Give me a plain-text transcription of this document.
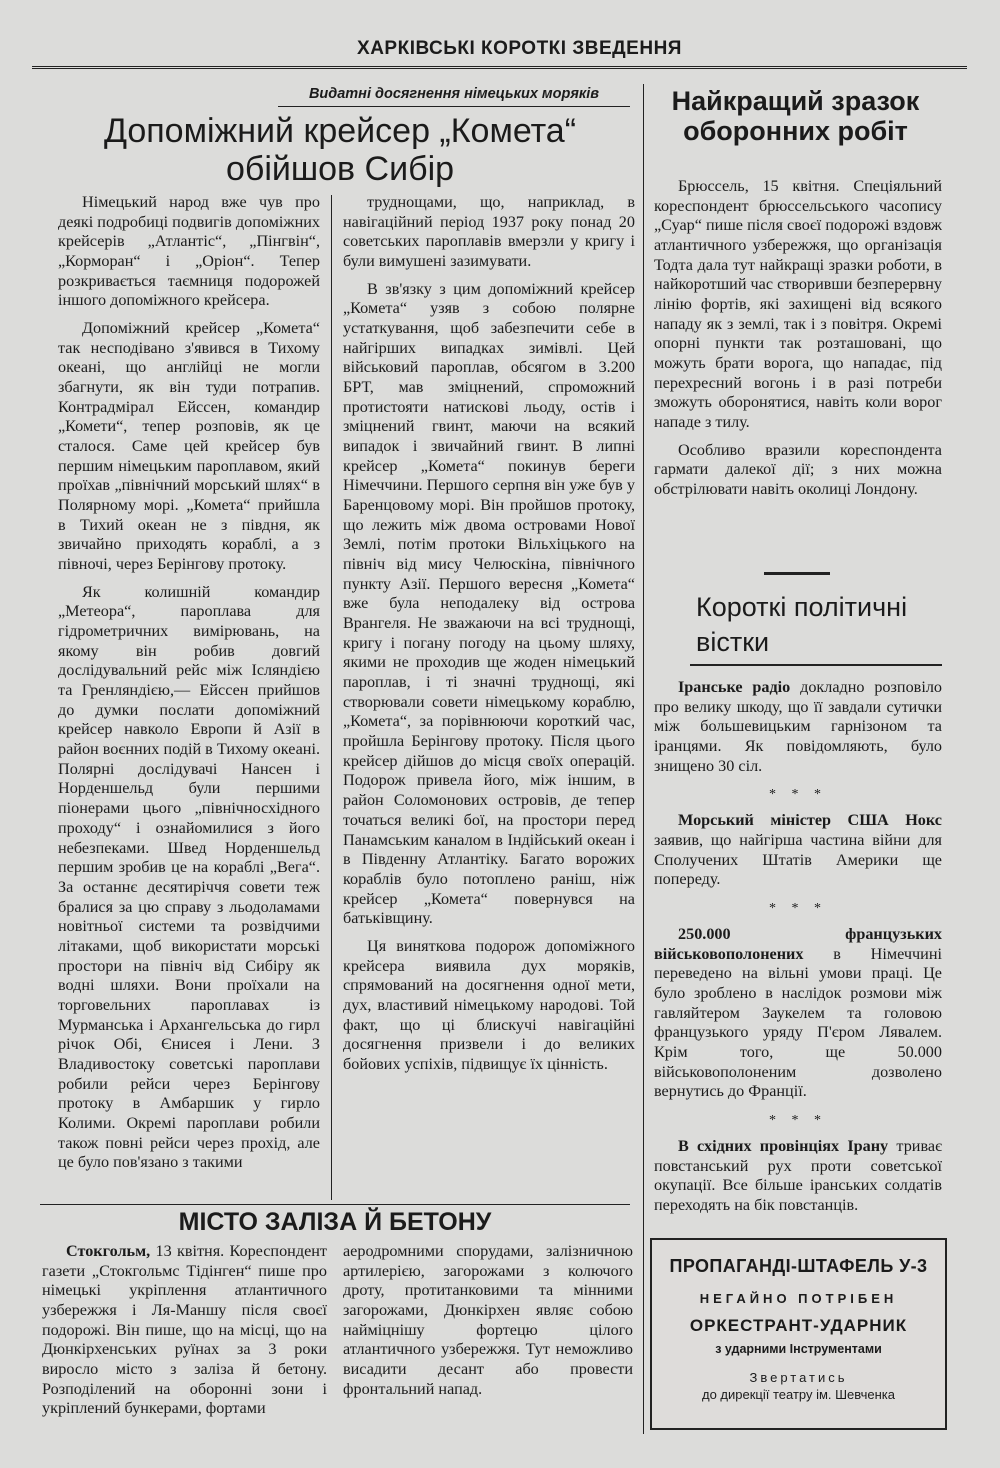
ХАРКІВСЬКІ КОРОТКІ ЗВЕДЕННЯ
Видатні досягнення німецьких моряків
Допоміжний крейсер „Комета“
обійшов Сибір

Німецький народ вже чув про деякі подробиці подвигів допоміжних крейсерів „Атлантіс“, „Пінгвін“, „Корморан“ і „Оріон“. Тепер розкривається таємниця подорожей іншого допоміжного крейсера.

Допоміжний крейсер „Комета“ так несподівано з'явився в Тихому океані, що англійці не могли збагнути, як він туди потрапив. Контрадмірал Ейссен, командир „Комети“, тепер розповів, як це сталося. Саме цей крейсер був першим німецьким пароплавом, який проїхав „північний морський шлях“ в Полярному морі. „Комета“ прийшла в Тихий океан не з півдня, як звичайно приходять кораблі, а з півночі, через Берінгову протоку.

Як колишній командир „Метеора“, пароплава для гідрометричних вимірювань, на якому він робив довгий дослідувальний рейс між Ісляндією та Гренляндією,— Ейссен прийшов до думки послати допоміжний крейсер навколо Европи й Азії в район воєнних подій в Тихому океані. Полярні дослідувачі Нансен і Норденшельд були першими піонерами цього „північносхідного проходу“ і ознайомилися з його небезпеками. Швед Норденшельд першим зробив це на кораблі „Вега“. За останнє десятиріччя совети теж бралися за цю справу з льодоламами новітньої системи та розвідчими літаками, щоб використати морські простори на північ від Сибіру як водні шляхи. Вони проїхали на торговельних пароплавах із Мурманська і Архангельська до гирл річок Обі, Єнисея і Лени. З Владивостоку советські пароплави робили рейси через Берінгову протоку в Амбаршик у гирло Колими. Окремі пароплави робили також повні рейси через прохід, але це було пов'язано з такими

труднощами, що, наприклад, в навігаційний період 1937 року понад 20 советських пароплавів вмерзли у кригу і були вимушені зазимувати.

В зв'язку з цим допоміжний крейсер „Комета“ узяв з собою полярне устаткування, щоб забезпечити себе в найгірших випадках зимівлі. Цей військовий пароплав, обсягом в 3.200 БРТ, мав зміцнений, спроможний протистояти натискові льоду, остів і зміцнений гвинт, маючи на всякий випадок і звичайний гвинт. В липні крейсер „Комета“ покинув береги Німеччини. Першого серпня він уже був у Баренцовому морі. Він пройшов протоку, що лежить між двома островами Нової Землі, потім протоки Вільхіцького на північ від мису Челюскіна, північного пункту Азії. Першого вересня „Комета“ вже була неподалеку від острова Врангеля. Не зважаючи на всі труднощі, кригу і погану погоду на цьому шляху, якими не проходив ще жоден німецький пароплав, і ті значні труднощі, які створювали совети німецькому кораблю, „Комета“, за порівнюючи короткий час, пройшла Берінгову протоку. Після цього крейсер дійшов до місця своїх операцій. Подорож привела його, між іншим, в район Соломонових островів, де тепер точаться великі бої, на простори перед Панамським каналом в Індійський океан і в Південну Атлантіку. Багато ворожих кораблів було потоплено раніш, ніж крейсер „Комета“ повернувся на батьківщину.

Ця виняткова подорож допоміжного крейсера виявила дух моряків, спрямований на досягнення одної мети, дух, властивий німецькому народові. Той факт, що ці блискучі навігаційні досягнення призвели і до великих бойових успіхів, підвищує їх цінність.

МІСТО ЗАЛІЗА Й БЕТОНУ

Стокгольм, 13 квітня. Кореспондент газети „Стокгольмс Тідінген“ пише про німецькі укріплення атлантичного узбережжя і Ля-Маншу після своєї подорожі. Він пише, що на місці, що на Дюнкірхенських руїнах за 3 роки виросло місто з заліза й бетону. Розподілений на оборонні зони і укріплений бункерами, фортами

аеродромними спорудами, залізничною артилерією, загорожами з колючого дроту, протитанковими та мінними загорожами, Дюнкірхен являє собою найміцнішу фортецю цілого атлантичного узбережжя. Тут неможливо висадити десант або провести фронтальний напад.

Найкращий зразок
оборонних робіт

Брюссель, 15 квітня. Спеціяльний кореспондент брюссельського часопису „Суар“ пише після своєї подорожі вздовж атлантичного узбережжя, що організація Тодта дала тут найкращі зразки роботи, в найкоротший час створивши безперервну лінію фортів, які захищені від всякого нападу як з землі, так і з повітря. Окремі опорні пункти так розташовані, що можуть брати ворога, що нападає, під перехресний вогонь і в разі потреби зможуть оборонятися, навіть коли ворог нападе з тилу.

Особливо вразили кореспондента гармати далекої дії; з них можна обстрілювати навіть околиці Лондону.

Короткі політичні
вістки

Іранське радіо докладно розповіло про велику шкоду, що її завдали сутички між большевицьким гарнізоном та іранцями. Як повідомляють, було знищено 30 сіл.

* * *

Морський міністер США Нокс заявив, що найгірша частина війни для Сполучених Штатів Америки ще попереду.

* * *

250.000 французьких військовополонених в Німеччині переведено на вільні умови праці. Це було зроблено в наслідок розмови між гавляйтером Заукелем та головою французького уряду П'єром Лявалем. Крім того, ще 50.000 військовополоненим дозволено вернутись до Франції.

* * *

В східних провінціях Ірану триває повстанський рух проти советської окупації. Все більше іранських солдатів переходять на бік повстанців.

ПРОПАГАНДІ-ШТАФЕЛЬ У-3
НЕГАЙНО ПОТРІБЕН
ОРКЕСТРАНТ-УДАРНИК
з ударними Інструментами
Звертатись
до дирекції театру ім. Шевченка
